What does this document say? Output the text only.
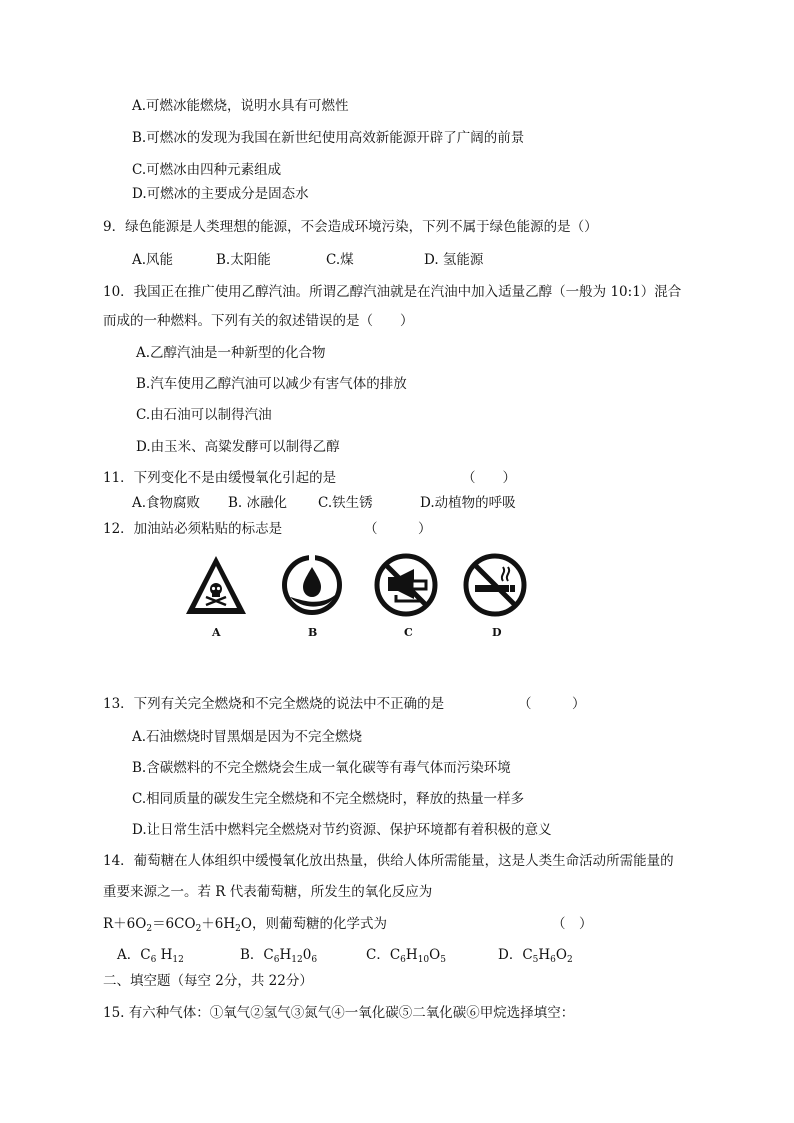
A.可燃冰能燃烧，说明水具有可燃性
B.可燃冰的发现为我国在新世纪使用高效新能源开辟了广阔的前景
C.可燃冰由四种元素组成
D.可燃冰的主要成分是固态水
9．绿色能源是人类理想的能源，不会造成环境污染，下列不属于绿色能源的是（）
A.风能	B.太阳能	C.煤	D. 氢能源
10．我国正在推广使用乙醇汽油。所谓乙醇汽油就是在汽油中加入适量乙醇（一般为 10:1）混合
而成的一种燃料。下列有关的叙述错误的是（　　）
A.乙醇汽油是一种新型的化合物
B.汽车使用乙醇汽油可以减少有害气体的排放
C.由石油可以制得汽油
D.由玉米、高粱发酵可以制得乙醇
11．下列变化不是由缓慢氧化引起的是	（　　）
A.食物腐败 B. 冰融化 C.铁生锈	D.动植物的呼吸
12．加油站必须粘贴的标志是	（　　　）
A	B	C	D
13．下列有关完全燃烧和不完全燃烧的说法中不正确的是	（　　　）
A.石油燃烧时冒黑烟是因为不完全燃烧
B.含碳燃料的不完全燃烧会生成一氧化碳等有毒气体而污染环境
C.相同质量的碳发生完全燃烧和不完全燃烧时，释放的热量一样多
D.让日常生活中燃料完全燃烧对节约资源、保护环境都有着积极的意义
14．葡萄糖在人体组织中缓慢氧化放出热量，供给人体所需能量，这是人类生命活动所需能量的
重要来源之一。若 R 代表葡萄糖，所发生的氧化反应为
$R+6O_2=6CO_2+6H_2O$，则葡萄糖的化学式为	（　）
A．$C_6$ $H_{12}$	B．$C_6H_{12}0_6$	C．$C_6H_{10}O_5$	D．$C_5H_6O_2$
二、填空题（每空 2分，共 22分）
15. 有六种气体：①氧气②氢气③氮气④一氧化碳⑤二氧化碳⑥甲烷选择填空：
